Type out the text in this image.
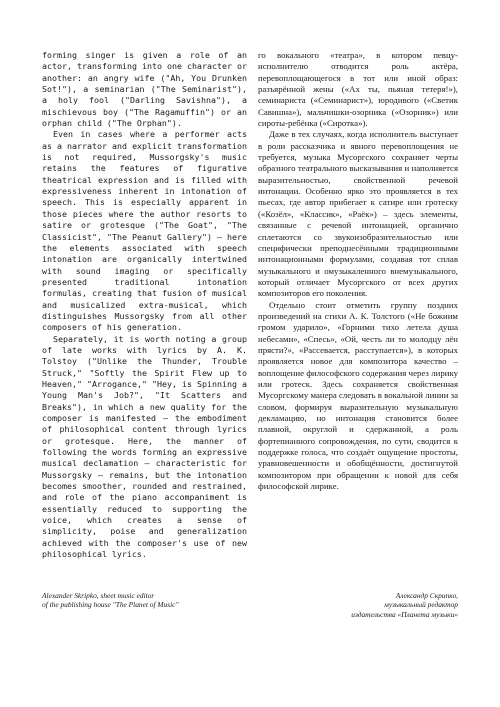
forming singer is given a role of an actor, transforming into one character or another: an angry wife ("Ah, You Drunken Sot!"), a seminarian ("The Seminarist"), a holy fool ("Darling Savishna"), a mischievous boy ("The Ragamuffin") or an orphan child ("The Orphan").

Even in cases where a performer acts as a narrator and explicit transformation is not required, Mussorgsky's music retains the features of figurative theatrical expression and is filled with expressiveness inherent in intonation of speech. This is especially apparent in those pieces where the author resorts to satire or grotesque ("The Goat", "The Classicist", "The Peanut Gallery") – here the elements associated with speech intonation are organically intertwined with sound imaging or specifically presented traditional intonation formulas, creating that fusion of musical and musicalized extra-musical, which distinguishes Mussorgsky from all other composers of his generation.

Separately, it is worth noting a group of late works with lyrics by A. K. Tolstoy ("Unlike the Thunder, Trouble Struck," "Softly the Spirit Flew up to Heaven," "Arrogance," "Hey, is Spinning a Young Man's Job?", "It Scatters and Breaks"), in which a new quality for the composer is manifested – the embodiment of philosophical content through lyrics or grotesque. Here, the manner of following the words forming an expressive musical declamation – characteristic for Mussorgsky – remains, but the intonation becomes smoother, rounded and restrained, and role of the piano accompaniment is essentially reduced to supporting the voice, which creates a sense of simplicity, poise and generalization achieved with the composer's use of new philosophical lyrics.

го вокального «театра», в котором певцу-исполнителю отводится роль актёра, перевоплощающегося в тот или иной образ: разъярённой жены («Ах ты, пьяная тетеря!»), семинариста («Семинарист»), юродивого («Светик Савишна»), мальчишки-озорника («Озорник») или сироты-ребёнка («Сиротка»).

Даже в тех случаях, когда исполнитель выступает в роли рассказчика и явного перевоплощения не требуется, музыка Мусоргского сохраняет черты образного театрального высказывания и наполняется выразительностью, свойственной речевой интонации. Особенно ярко это проявляется в тех пьесах, где автор прибегает к сатире или гротеску («Козёл», «Классик», «Раёк») – здесь элементы, связанные с речевой интонацией, органично сплетаются со звукоизобразительностью или специфически преподнесёнными традиционными интонационными формулами, создавая тот сплав музыкального и омузыкаленного внемузыкального, который отличает Мусоргского от всех других композиторов его поколения.

Отдельно стоит отметить группу поздних произведений на стихи А. К. Толстого («Не божиим громом ударило», «Горними тихо летела душа небесами», «Спесь», «Ой, честь ли то молодцу лён прясти?», «Рассевается, расступается»), в которых проявляется новое для композитора качество – воплощение философского содержания через лирику или гротеск. Здесь сохраняется свойственная Мусоргскому манера следовать в вокальной линии за словом, формируя выразительную музыкальную декламацию, но интонация становится более плавной, округлой и сдержанной, а роль фортепианного сопровождения, по сути, сводится к поддержке голоса, что создаёт ощущение простоты, уравновешенности и обобщённости, достигнутой композитором при обращении к новой для себя философской лирике.

Alexander Skripko, sheet music editor
of the publishing house "The Planet of Music"
Александр Скрипко,
музыкальный редактор
издательства «Планета музыки»
